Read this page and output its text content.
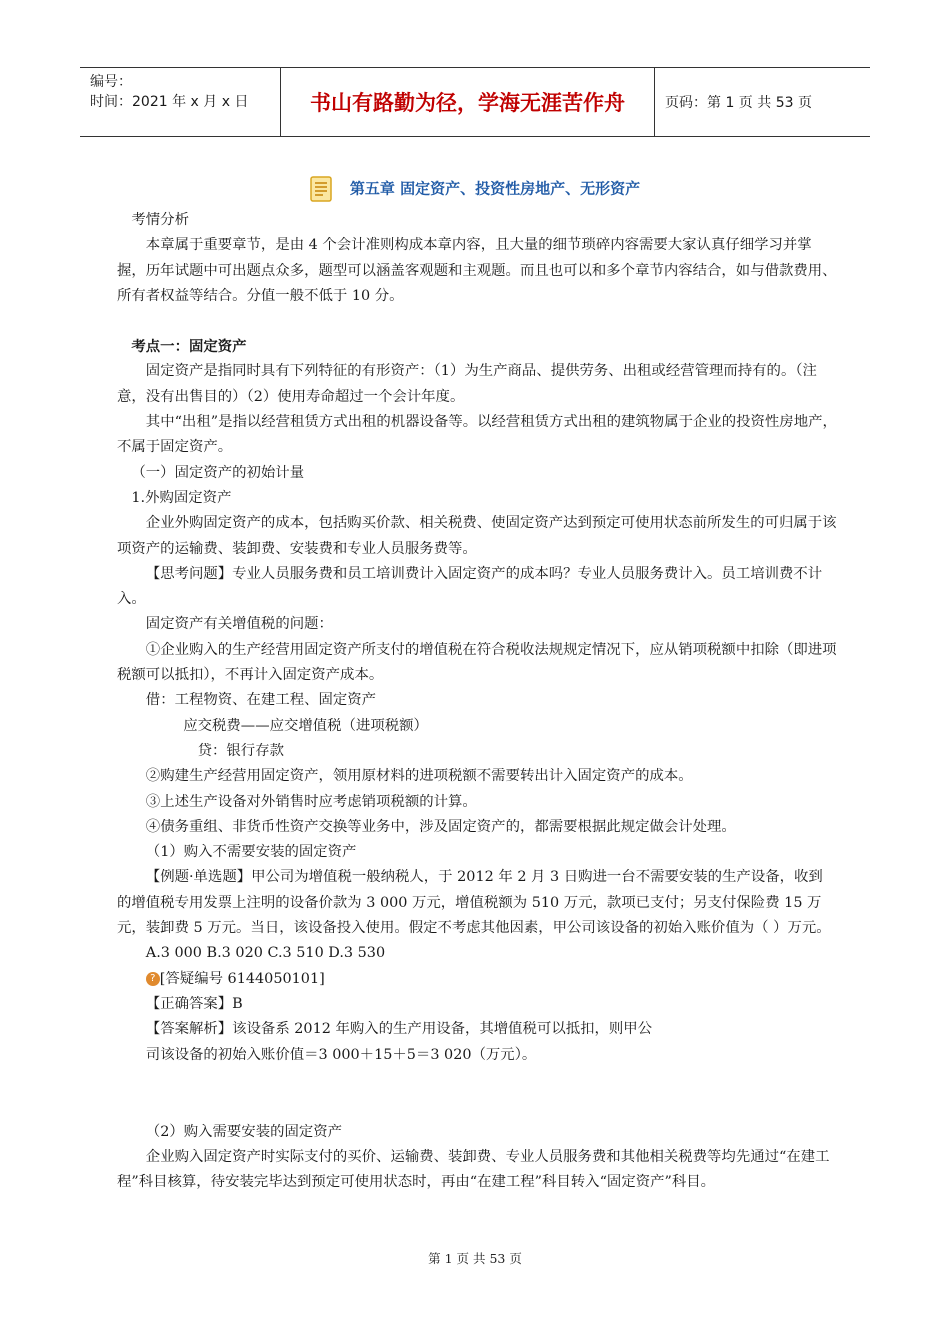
编号：
时间：2021 年 x 月 x 日	书山有路勤为径，学海无涯苦作舟	页码：第 1 页 共 53 页
第五章 固定资产、投资性房地产、无形资产

考情分析

本章属于重要章节，是由 4 个会计准则构成本章内容，且大量的细节琐碎内容需要大家认真仔细学习并掌握，历年试题中可出题点众多，题型可以涵盖客观题和主观题。而且也可以和多个章节内容结合，如与借款费用、所有者权益等结合。分值一般不低于 10 分。

考点一：固定资产

固定资产是指同时具有下列特征的有形资产：（1）为生产商品、提供劳务、出租或经营管理而持有的。（注意，没有出售目的）（2）使用寿命超过一个会计年度。

其中“出租”是指以经营租赁方式出租的机器设备等。以经营租赁方式出租的建筑物属于企业的投资性房地产，不属于固定资产。

（一）固定资产的初始计量

1.外购固定资产

企业外购固定资产的成本，包括购买价款、相关税费、使固定资产达到预定可使用状态前所发生的可归属于该项资产的运输费、装卸费、安装费和专业人员服务费等。

【思考问题】专业人员服务费和员工培训费计入固定资产的成本吗？专业人员服务费计入。员工培训费不计入。

固定资产有关增值税的问题：

①企业购入的生产经营用固定资产所支付的增值税在符合税收法规规定情况下，应从销项税额中扣除（即进项税额可以抵扣），不再计入固定资产成本。

借：工程物资、在建工程、固定资产

应交税费——应交增值税（进项税额）

贷：银行存款

②购建生产经营用固定资产，领用原材料的进项税额不需要转出计入固定资产的成本。

③上述生产设备对外销售时应考虑销项税额的计算。

④债务重组、非货币性资产交换等业务中，涉及固定资产的，都需要根据此规定做会计处理。

（1）购入不需要安装的固定资产

【例题·单选题】甲公司为增值税一般纳税人，于 2012 年 2 月 3 日购进一台不需要安装的生产设备，收到的增值税专用发票上注明的设备价款为 3 000 万元，增值税额为 510 万元，款项已支付；另支付保险费 15 万元，装卸费 5 万元。当日，该设备投入使用。假定不考虑其他因素，甲公司该设备的初始入账价值为（ ）万元。

A.3 000 B.3 020 C.3 510 D.3 530

? [答疑编号 6144050101]

【正确答案】B

【答案解析】该设备系 2012 年购入的生产用设备，其增值税可以抵扣，则甲公

司该设备的初始入账价值＝3 000＋15＋5＝3 020（万元）。

（2）购入需要安装的固定资产

企业购入固定资产时实际支付的买价、运输费、装卸费、专业人员服务费和其他相关税费等均先通过“在建工程”科目核算，待安装完毕达到预定可使用状态时，再由“在建工程”科目转入“固定资产”科目。

第 1 页 共 53 页
